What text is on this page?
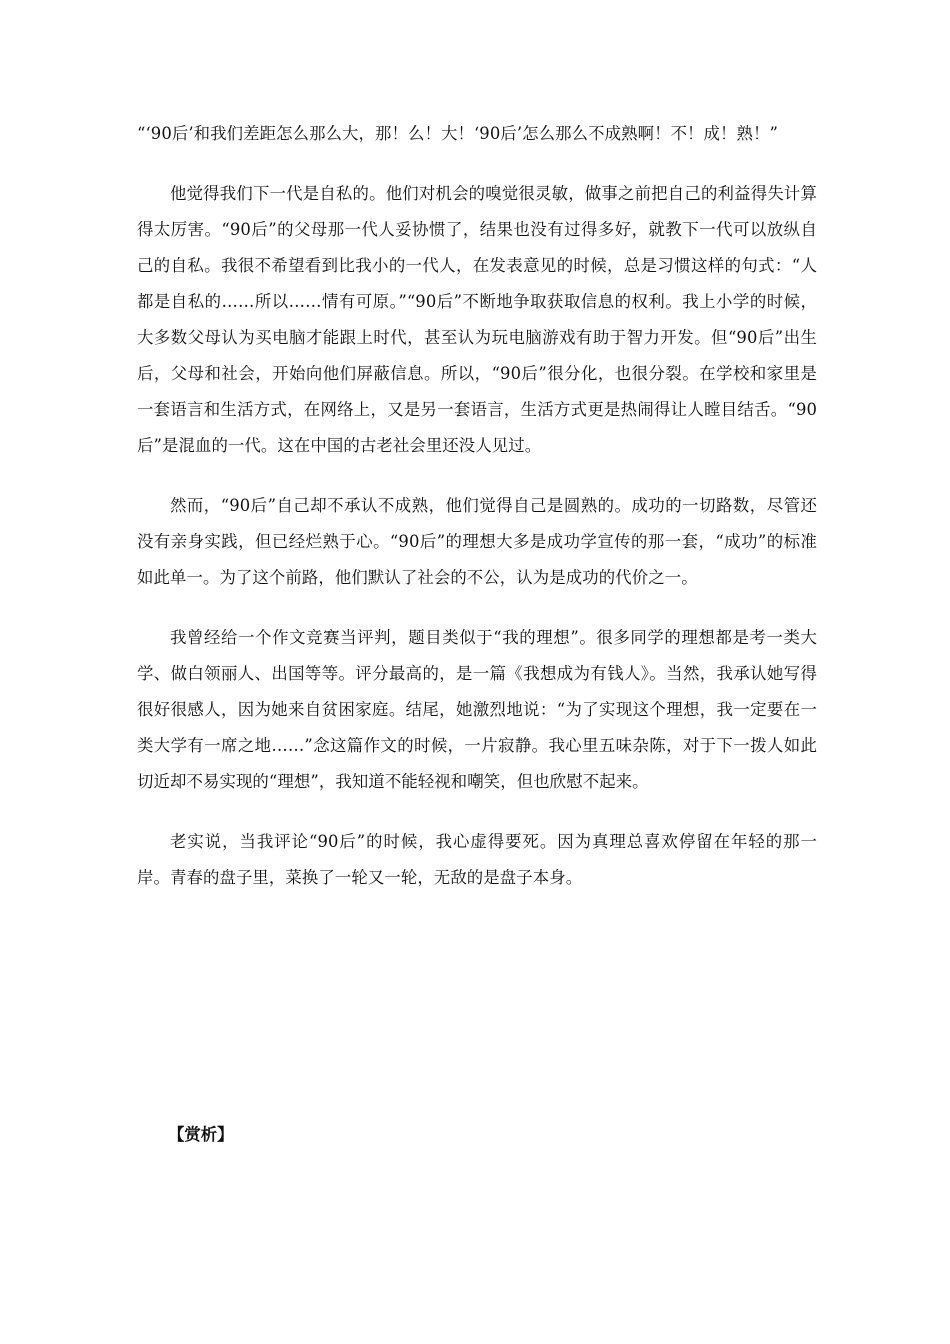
“‘90后’和我们差距怎么那么大，那！么！大！‘90后’怎么那么不成熟啊！不！成！熟！”

他觉得我们下一代是自私的。他们对机会的嗅觉很灵敏，做事之前把自己的利益得失计算得太厉害。“90后”的父母那一代人妥协惯了，结果也没有过得多好，就教下一代可以放纵自己的自私。我很不希望看到比我小的一代人，在发表意见的时候，总是习惯这样的句式：“人都是自私的……所以……情有可原。”“90后”不断地争取获取信息的权利。我上小学的时候，大多数父母认为买电脑才能跟上时代，甚至认为玩电脑游戏有助于智力开发。但“90后”出生后，父母和社会，开始向他们屏蔽信息。所以，“90后”很分化，也很分裂。在学校和家里是一套语言和生活方式，在网络上，又是另一套语言，生活方式更是热闹得让人瞠目结舌。“90后”是混血的一代。这在中国的古老社会里还没人见过。

然而，“90后”自己却不承认不成熟，他们觉得自己是圆熟的。成功的一切路数，尽管还没有亲身实践，但已经烂熟于心。“90后”的理想大多是成功学宣传的那一套，“成功”的标准如此单一。为了这个前路，他们默认了社会的不公，认为是成功的代价之一。

我曾经给一个作文竞赛当评判，题目类似于“我的理想”。很多同学的理想都是考一类大学、做白领丽人、出国等等。评分最高的，是一篇《我想成为有钱人》。当然，我承认她写得很好很感人，因为她来自贫困家庭。结尾，她激烈地说：“为了实现这个理想，我一定要在一类大学有一席之地……”念这篇作文的时候，一片寂静。我心里五味杂陈，对于下一拨人如此切近却不易实现的“理想”，我知道不能轻视和嘲笑，但也欣慰不起来。

老实说，当我评论“90后”的时候，我心虚得要死。因为真理总喜欢停留在年轻的那一岸。青春的盘子里，菜换了一轮又一轮，无敌的是盘子本身。

【赏析】
